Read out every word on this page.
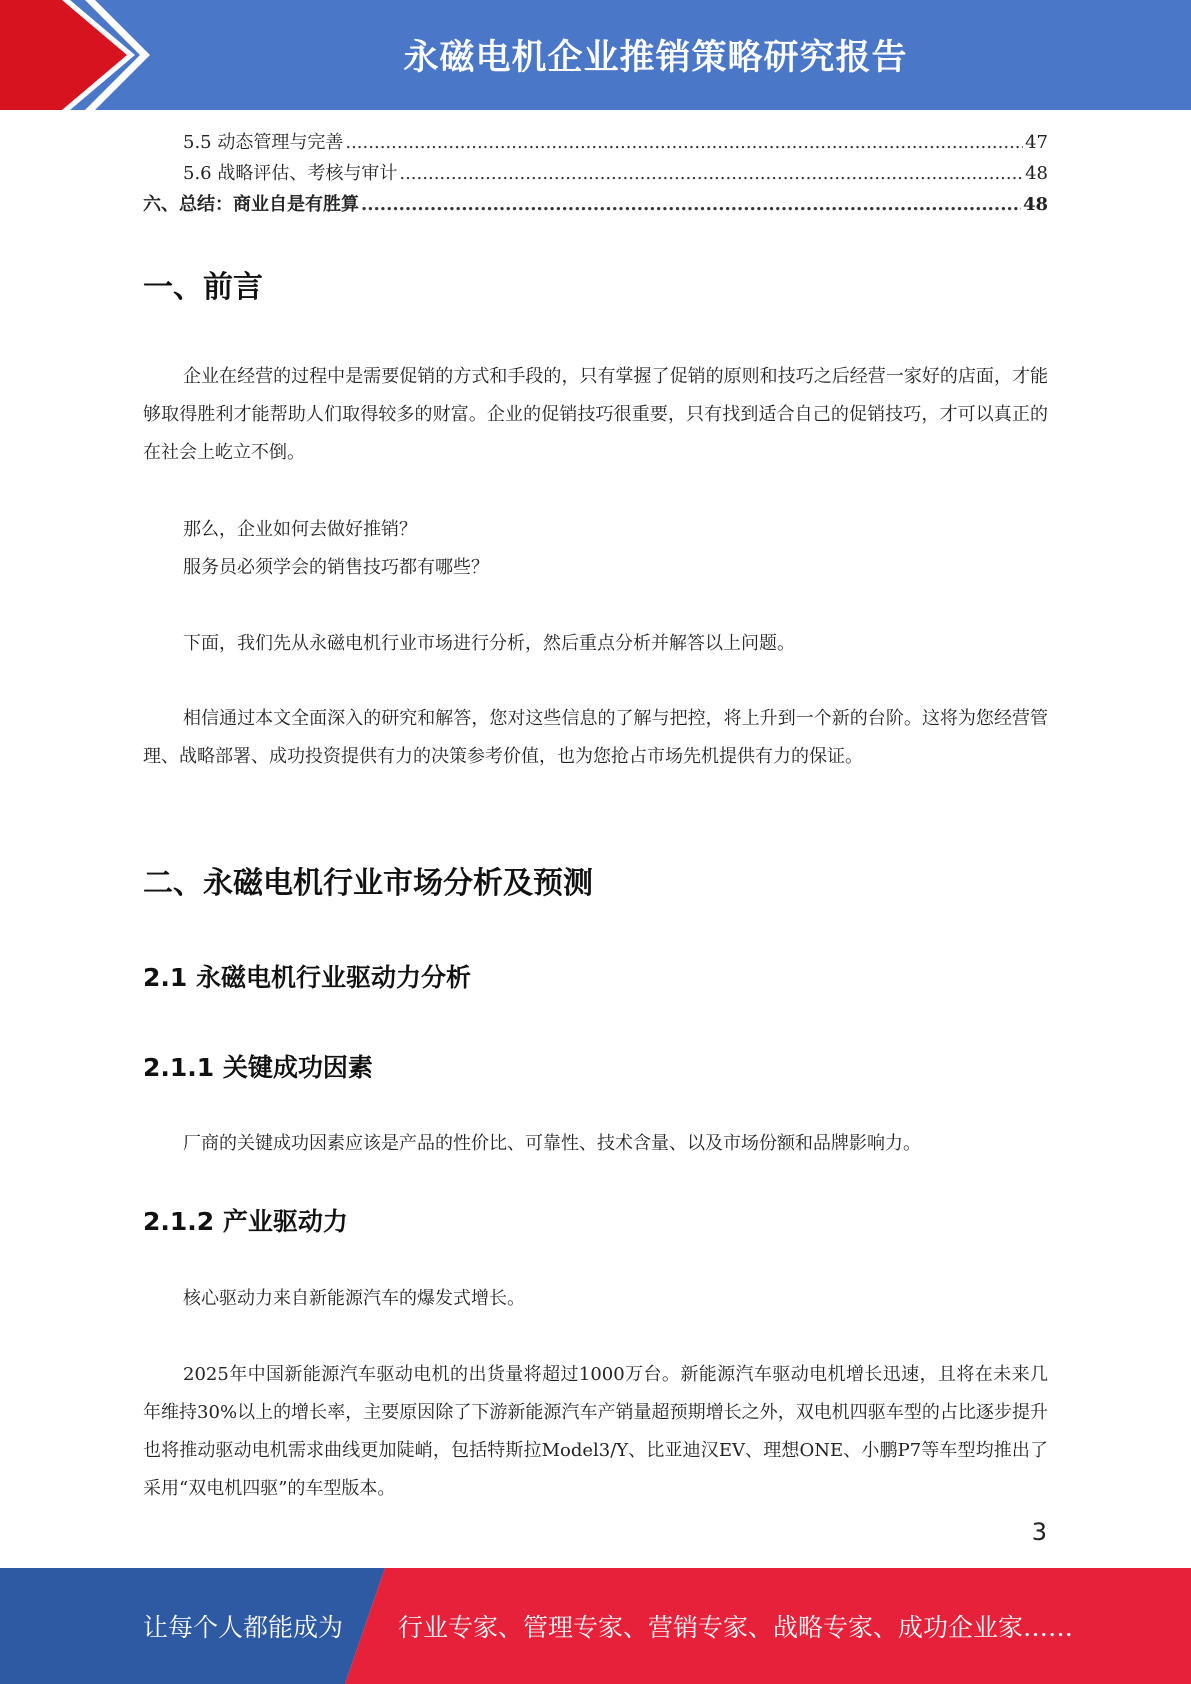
永磁电机企业推销策略研究报告
5.5 动态管理与完善 .....	47
5.6 战略评估、考核与审计 .....	48
六、总结：商业自是有胜算 .....	48
一、前言

企业在经营的过程中是需要促销的方式和手段的，只有掌握了促销的原则和技巧之后经营一家好的店面，才能够取得胜利才能帮助人们取得较多的财富。企业的促销技巧很重要，只有找到适合自己的促销技巧，才可以真正的在社会上屹立不倒。

那么，企业如何去做好推销？

服务员必须学会的销售技巧都有哪些？

下面，我们先从永磁电机行业市场进行分析，然后重点分析并解答以上问题。

相信通过本文全面深入的研究和解答，您对这些信息的了解与把控，将上升到一个新的台阶。这将为您经营管理、战略部署、成功投资提供有力的决策参考价值，也为您抢占市场先机提供有力的保证。

二、永磁电机行业市场分析及预测
2.1 永磁电机行业驱动力分析
2.1.1 关键成功因素

厂商的关键成功因素应该是产品的性价比、可靠性、技术含量、以及市场份额和品牌影响力。

2.1.2 产业驱动力

核心驱动力来自新能源汽车的爆发式增长。

2025年中国新能源汽车驱动电机的出货量将超过1000万台。新能源汽车驱动电机增长迅速，且将在未来几年维持30%以上的增长率，主要原因除了下游新能源汽车产销量超预期增长之外，双电机四驱车型的占比逐步提升也将推动驱动电机需求曲线更加陡峭，包括特斯拉Model3/Y、比亚迪汉EV、理想ONE、小鹏P7等车型均推出了采用“双电机四驱”的车型版本。

3
让每个人都能成为 行业专家、管理专家、营销专家、战略专家、成功企业家……
